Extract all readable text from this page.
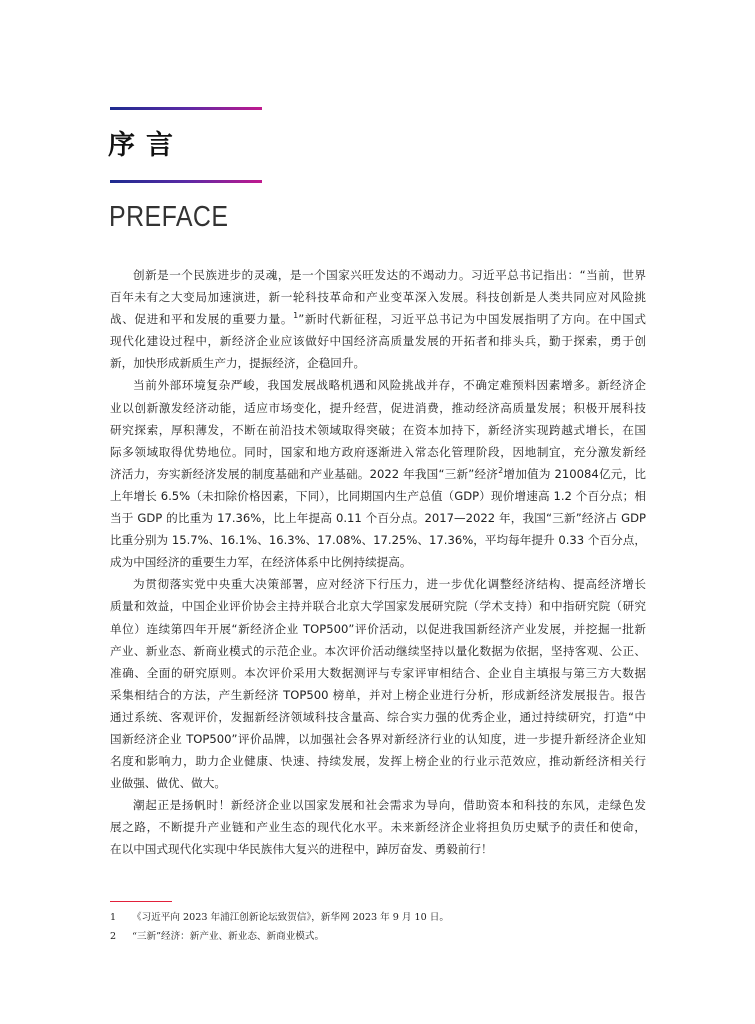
序言
PREFACE
创新是一个民族进步的灵魂，是一个国家兴旺发达的不竭动力。习近平总书记指出：“当前，世界
百年未有之大变局加速演进，新一轮科技革命和产业变革深入发展。科技创新是人类共同应对风险挑
战、促进和平和发展的重要力量。$^1$”新时代新征程，习近平总书记为中国发展指明了方向。在中国式
现代化建设过程中，新经济企业应该做好中国经济高质量发展的开拓者和排头兵，勤于探索，勇于创
新，加快形成新质生产力，提振经济，企稳回升。
当前外部环境复杂严峻，我国发展战略机遇和风险挑战并存，不确定难预料因素增多。新经济企
业以创新激发经济动能，适应市场变化，提升经营，促进消费，推动经济高质量发展；积极开展科技
研究探索，厚积薄发，不断在前沿技术领域取得突破；在资本加持下，新经济实现跨越式增长，在国
际多领域取得优势地位。同时，国家和地方政府逐渐进入常态化管理阶段，因地制宜，充分激发新经
济活力，夯实新经济发展的制度基础和产业基础。2022 年我国“三新”经济$^2$增加值为 210084亿元，比
上年增长 6.5%（未扣除价格因素，下同），比同期国内生产总值（GDP）现价增速高 1.2 个百分点；相
当于 GDP 的比重为 17.36%，比上年提高 0.11 个百分点。2017—2022 年，我国“三新”经济占 GDP
比重分别为 15.7%、16.1%、16.3%、17.08%、17.25%、17.36%，平均每年提升 0.33 个百分点，
成为中国经济的重要生力军，在经济体系中比例持续提高。
为贯彻落实党中央重大决策部署，应对经济下行压力，进一步优化调整经济结构、提高经济增长
质量和效益，中国企业评价协会主持并联合北京大学国家发展研究院（学术支持）和中指研究院（研究
单位）连续第四年开展“新经济企业 TOP500”评价活动，以促进我国新经济产业发展，并挖掘一批新
产业、新业态、新商业模式的示范企业。本次评价活动继续坚持以量化数据为依据，坚持客观、公正、
准确、全面的研究原则。本次评价采用大数据测评与专家评审相结合、企业自主填报与第三方大数据
采集相结合的方法，产生新经济 TOP500 榜单，并对上榜企业进行分析，形成新经济发展报告。报告
通过系统、客观评价，发掘新经济领域科技含量高、综合实力强的优秀企业，通过持续研究，打造“中
国新经济企业 TOP500”评价品牌，以加强社会各界对新经济行业的认知度，进一步提升新经济企业知
名度和影响力，助力企业健康、快速、持续发展，发挥上榜企业的行业示范效应，推动新经济相关行
业做强、做优、做大。
潮起正是扬帆时！新经济企业以国家发展和社会需求为导向，借助资本和科技的东风，走绿色发
展之路，不断提升产业链和产业生态的现代化水平。未来新经济企业将担负历史赋予的责任和使命，
在以中国式现代化实现中华民族伟大复兴的进程中，踔厉奋发、勇毅前行！
1	《习近平向 2023 年浦江创新论坛致贺信》，新华网 2023 年 9 月 10 日。
2	“三新”经济：新产业、新业态、新商业模式。
